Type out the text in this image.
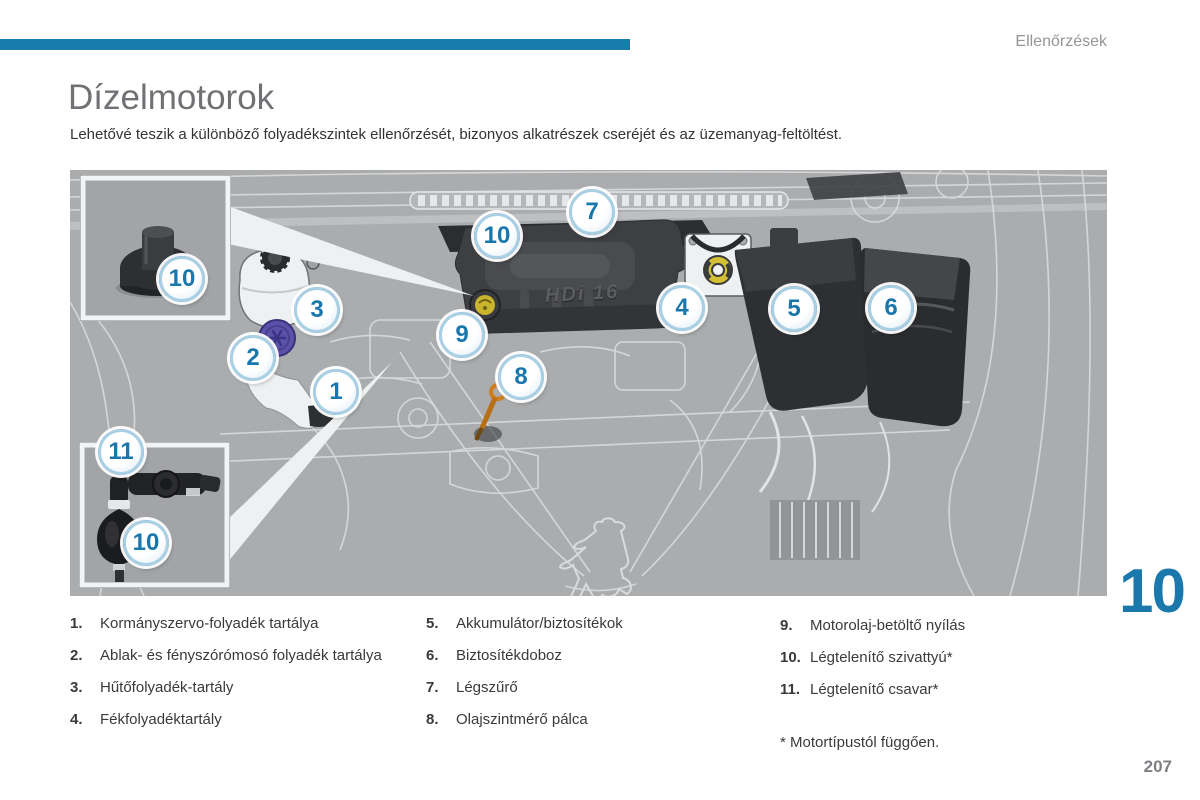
Ellenőrzések
Dízelmotorok

Lehetővé teszik a különböző folyadékszintek ellenőrzését, bizonyos alkatrészek cseréjét és az üzemanyag-feltöltést.

HDi 16
1
2
3	4	5	6
7
8
9
10
10
11
10
1.	Kormányszervo-folyadék tartálya
2.	Ablak- és fényszórómosó folyadék tartálya
3.	Hűtőfolyadék-tartály
4.	Fékfolyadéktartály
5.	Akkumulátor/biztosítékok
6.	Biztosítékdoboz
7.	Légszűrő
8.	Olajszintmérő pálca
9.	Motorolaj-betöltő nyílás
10. Légtelenítő szivattyú*
11. Légtelenítő csavar*
* Motortípustól függően.
10
207
